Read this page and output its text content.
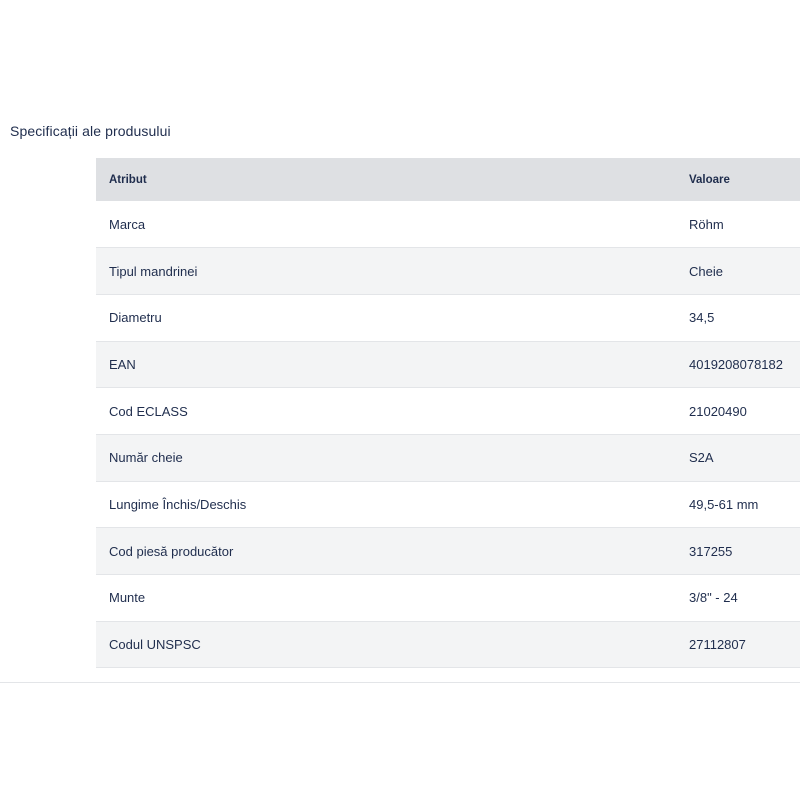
Specificații ale produsului
Atribut	Valoare
Marca	Röhm
Tipul mandrinei	Cheie
Diametru	34,5
EAN	4019208078182
Cod ECLASS	21020490
Număr cheie	S2A
Lungime Închis/Deschis	49,5-61 mm
Cod piesă producător	317255
Munte	3/8" - 24
Codul UNSPSC	27112807
